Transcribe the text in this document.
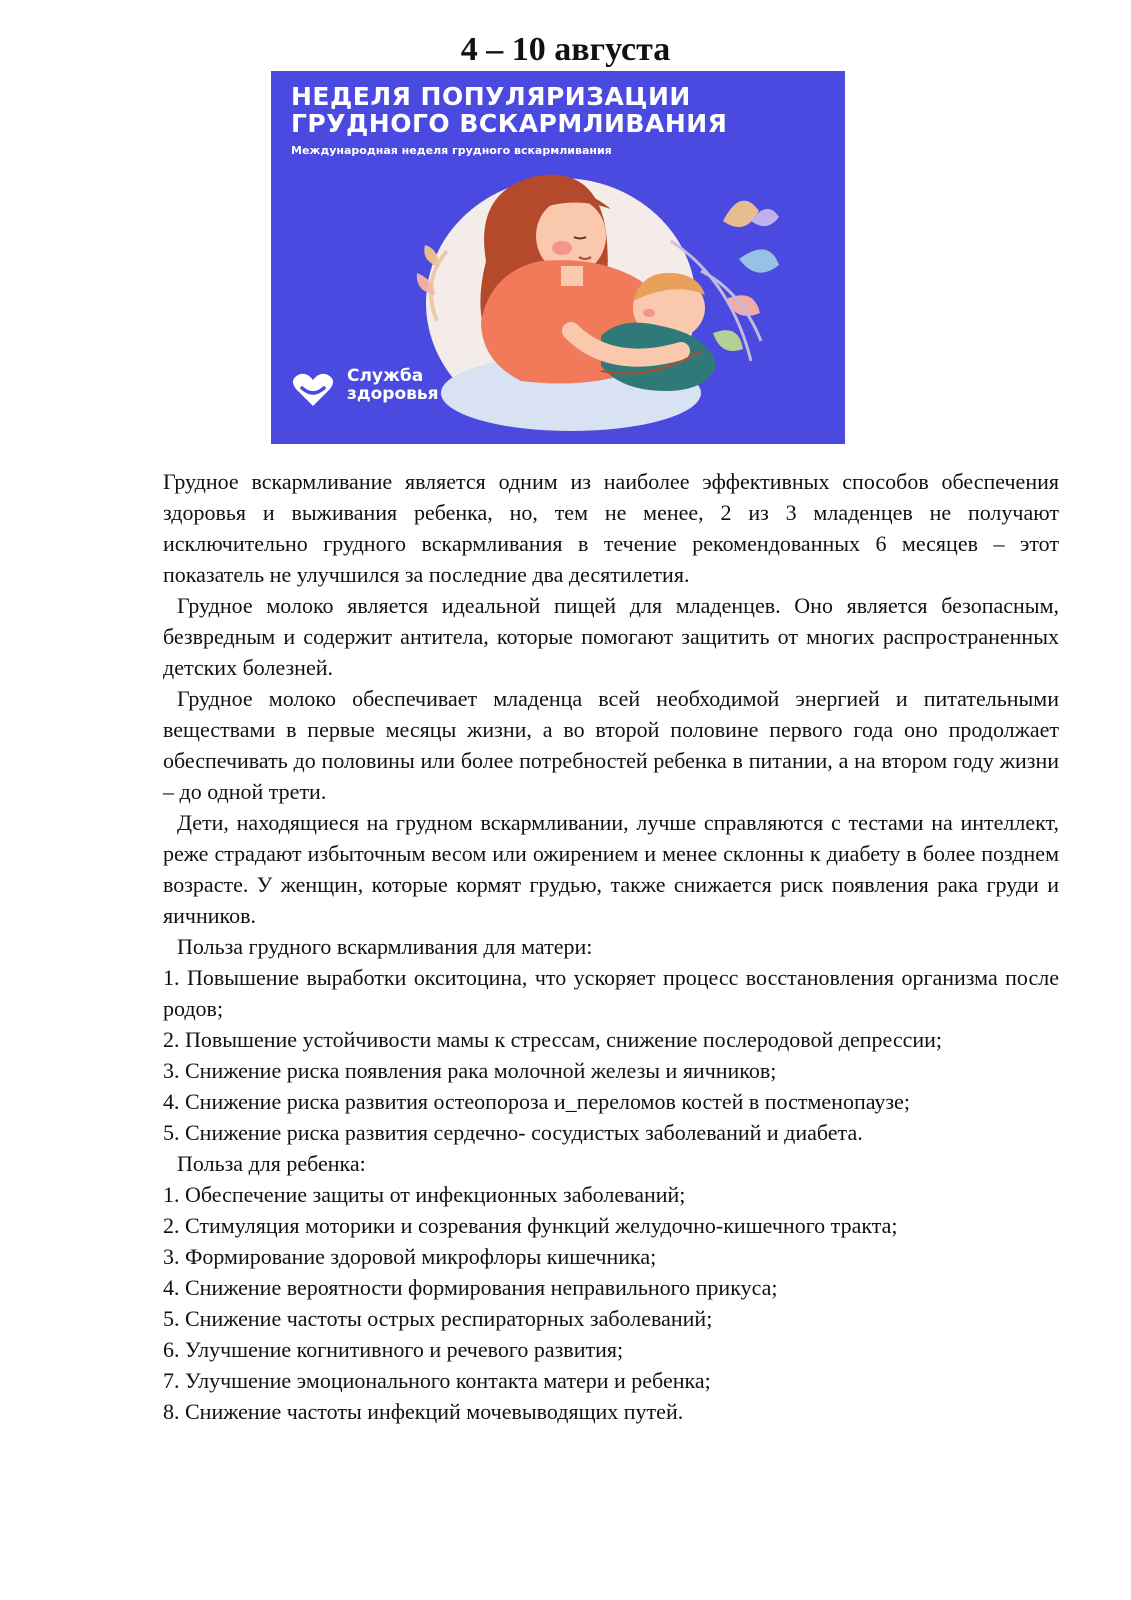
4 – 10 августа
НЕДЕЛЯ ПОПУЛЯРИЗАЦИИ
ГРУДНОГО ВСКАРМЛИВАНИЯ
Международная неделя грудного вскармливания
Служба
здоровья

Грудное вскармливание является одним из наиболее эффективных способов обеспечения здоровья и выживания ребенка, но, тем не менее, 2 из 3 младенцев не получают исключительно грудного вскармливания в течение рекомендованных 6 месяцев – этот показатель не улучшился за последние два десятилетия.

Грудное молоко является идеальной пищей для младенцев. Оно является безопасным, безвредным и содержит антитела, которые помогают защитить от многих распространенных детских болезней.

Грудное молоко обеспечивает младенца всей необходимой энергией и питательными веществами в первые месяцы жизни, а во второй половине первого года оно продолжает обеспечивать до половины или более потребностей ребенка в питании, а на втором году жизни – до одной трети.

Дети, находящиеся на грудном вскармливании, лучше справляются с тестами на интеллект, реже страдают избыточным весом или ожирением и менее склонны к диабету в более позднем возрасте. У женщин, которые кормят грудью, также снижается риск появления рака груди и яичников.

Польза грудного вскармливания для матери:

1. Повышение выработки окситоцина, что ускоряет процесс восстановления организма после родов;

2. Повышение устойчивости мамы к стрессам, снижение послеродовой депрессии;

3. Снижение риска появления рака молочной железы и яичников;

4. Снижение риска развития остеопороза и_переломов костей в постменопаузе;

5. Снижение риска развития сердечно- сосудистых заболеваний и диабета.

Польза для ребенка:

1. Обеспечение защиты от инфекционных заболеваний;

2. Стимуляция моторики и созревания функций желудочно-кишечного тракта;

3. Формирование здоровой микрофлоры кишечника;

4. Снижение вероятности формирования неправильного прикуса;

5. Снижение частоты острых респираторных заболеваний;

6. Улучшение когнитивного и речевого развития;

7. Улучшение эмоционального контакта матери и ребенка;

8. Снижение частоты инфекций мочевыводящих путей.
